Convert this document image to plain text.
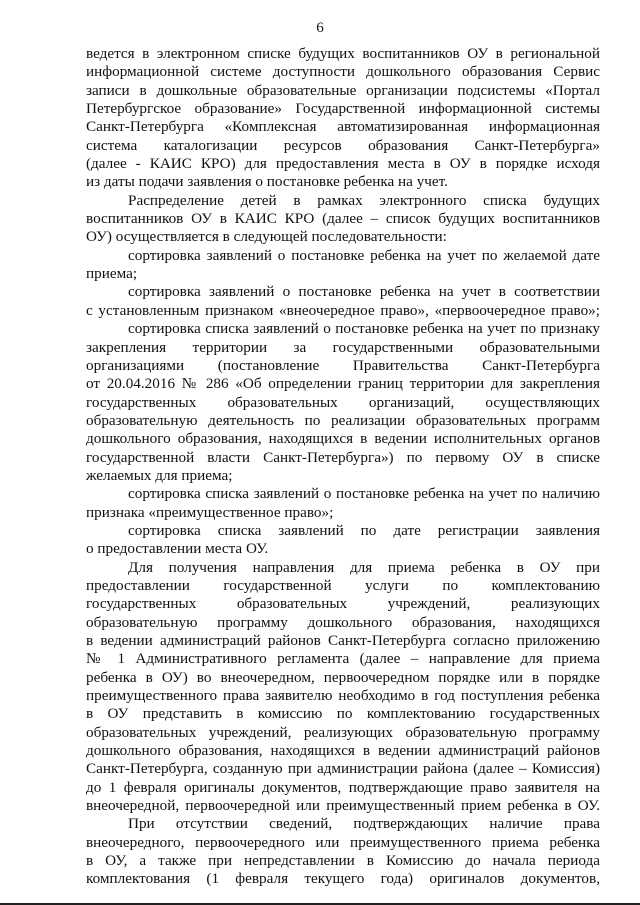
6
ведется в электронном списке будущих воспитанников ОУ в региональной
информационной системе доступности дошкольного образования Сервис
записи в дошкольные образовательные организации подсистемы «Портал
Петербургское образование» Государственной информационной системы
Санкт-Петербурга «Комплексная автоматизированная информационная
система каталогизации ресурсов образования Санкт-Петербурга»
(далее - КАИС КРО) для предоставления места в ОУ в порядке исходя
из даты подачи заявления о постановке ребенка на учет.
Распределение детей в рамках электронного списка будущих
воспитанников ОУ в КАИС КРО (далее – список будущих воспитанников
ОУ) осуществляется в следующей последовательности:
сортировка заявлений о постановке ребенка на учет по желаемой дате
приема;
сортировка заявлений о постановке ребенка на учет в соответствии
с установленным признаком «внеочередное право», «первоочередное право»;
сортировка списка заявлений о постановке ребенка на учет по признаку
закрепления территории за государственными образовательными
организациями (постановление Правительства Санкт-Петербурга
от 20.04.2016 № 286 «Об определении границ территории для закрепления
государственных образовательных организаций, осуществляющих
образовательную деятельность по реализации образовательных программ
дошкольного образования, находящихся в ведении исполнительных органов
государственной власти Санкт-Петербурга») по первому ОУ в списке
желаемых для приема;
сортировка списка заявлений о постановке ребенка на учет по наличию
признака «преимущественное право»;
сортировка списка заявлений по дате регистрации заявления
о предоставлении места ОУ.
Для получения направления для приема ребенка в ОУ при
предоставлении государственной услуги по комплектованию
государственных образовательных учреждений, реализующих
образовательную программу дошкольного образования, находящихся
в ведении администраций районов Санкт-Петербурга согласно приложению
№ 1 Административного регламента (далее – направление для приема
ребенка в ОУ) во внеочередном, первоочередном порядке или в порядке
преимущественного права заявителю необходимо в год поступления ребенка
в ОУ представить в комиссию по комплектованию государственных
образовательных учреждений, реализующих образовательную программу
дошкольного образования, находящихся в ведении администраций районов
Санкт-Петербурга, созданную при администрации района (далее – Комиссия)
до 1 февраля оригиналы документов, подтверждающие право заявителя на
внеочередной, первоочередной или преимущественный прием ребенка в ОУ.
При отсутствии сведений, подтверждающих наличие права
внеочередного, первоочередного или преимущественного приема ребенка
в ОУ, а также при непредставлении в Комиссию до начала периода
комплектования (1 февраля текущего года) оригиналов документов,
